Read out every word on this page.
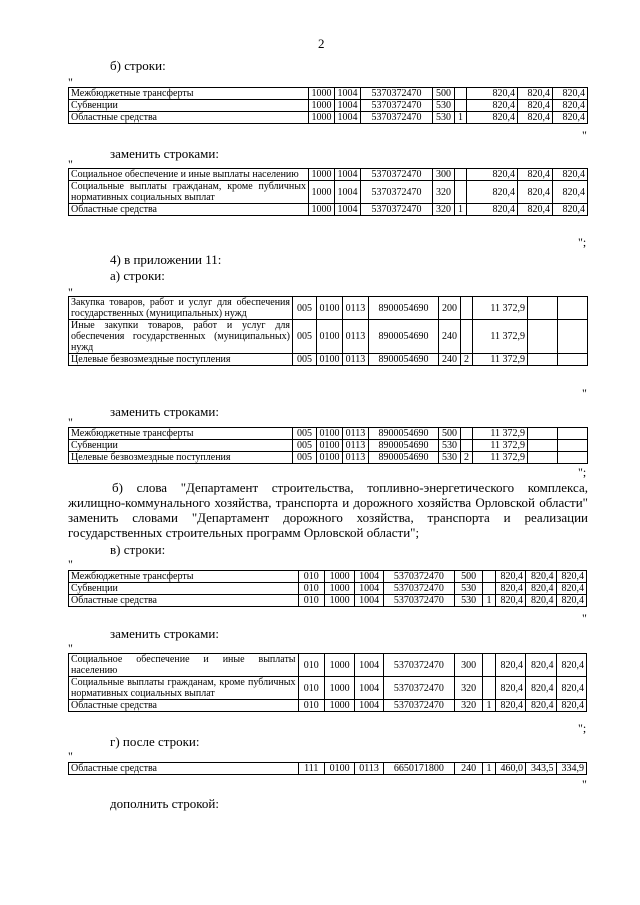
2
б) строки:
"
Межбюджетные трансферты	1000	1004	5370372470	500		820,4	820,4	820,4
Субвенции	1000	1004	5370372470	530		820,4	820,4	820,4
Областные средства	1000	1004	5370372470	530	1	820,4	820,4	820,4
"
заменить строками:
"
Социальное обеспечение и иные выплаты населению	1000	1004	5370372470	300		820,4	820,4	820,4
Социальные выплаты гражданам, кроме публичных нормативных социальных выплат	1000	1004	5370372470	320		820,4	820,4	820,4
Областные средства	1000	1004	5370372470	320	1	820,4	820,4	820,4
";
4) в приложении 11:
а) строки:
"
Закупка товаров, работ и услуг для обеспечения государственных (муниципальных) нужд	005	0100	0113	8900054690	200		11 372,9		
Иные закупки товаров, работ и услуг для обеспечения государственных (муниципальных) нужд	005	0100	0113	8900054690	240		11 372,9		
Целевые безвозмездные поступления	005	0100	0113	8900054690	240	2	11 372,9		
"
заменить строками:
"
Межбюджетные трансферты	005	0100	0113	8900054690	500		11 372,9		
Субвенции	005	0100	0113	8900054690	530		11 372,9		
Целевые безвозмездные поступления	005	0100	0113	8900054690	530	2	11 372,9		
";
б) слова "Департамент строительства, топливно-энергетического комплекса,
жилищно-коммунального хозяйства, транспорта и дорожного хозяйства Орловской области"
заменить словами "Департамент дорожного хозяйства, транспорта и реализации
государственных строительных программ Орловской области";
в) строки:
"
Межбюджетные трансферты	010	1000	1004	5370372470	500		820,4	820,4	820,4
Субвенции	010	1000	1004	5370372470	530		820,4	820,4	820,4
Областные средства	010	1000	1004	5370372470	530	1	820,4	820,4	820,4
"
заменить строками:
"
Социальное обеспечение и иные выплаты населению	010	1000	1004	5370372470	300		820,4	820,4	820,4
Социальные выплаты гражданам, кроме публичных нормативных социальных выплат	010	1000	1004	5370372470	320		820,4	820,4	820,4
Областные средства	010	1000	1004	5370372470	320	1	820,4	820,4	820,4
";
г) после строки:
"
Областные средства	111	0100	0113	6650171800	240	1	460,0	343,5	334,9
"
дополнить строкой:
